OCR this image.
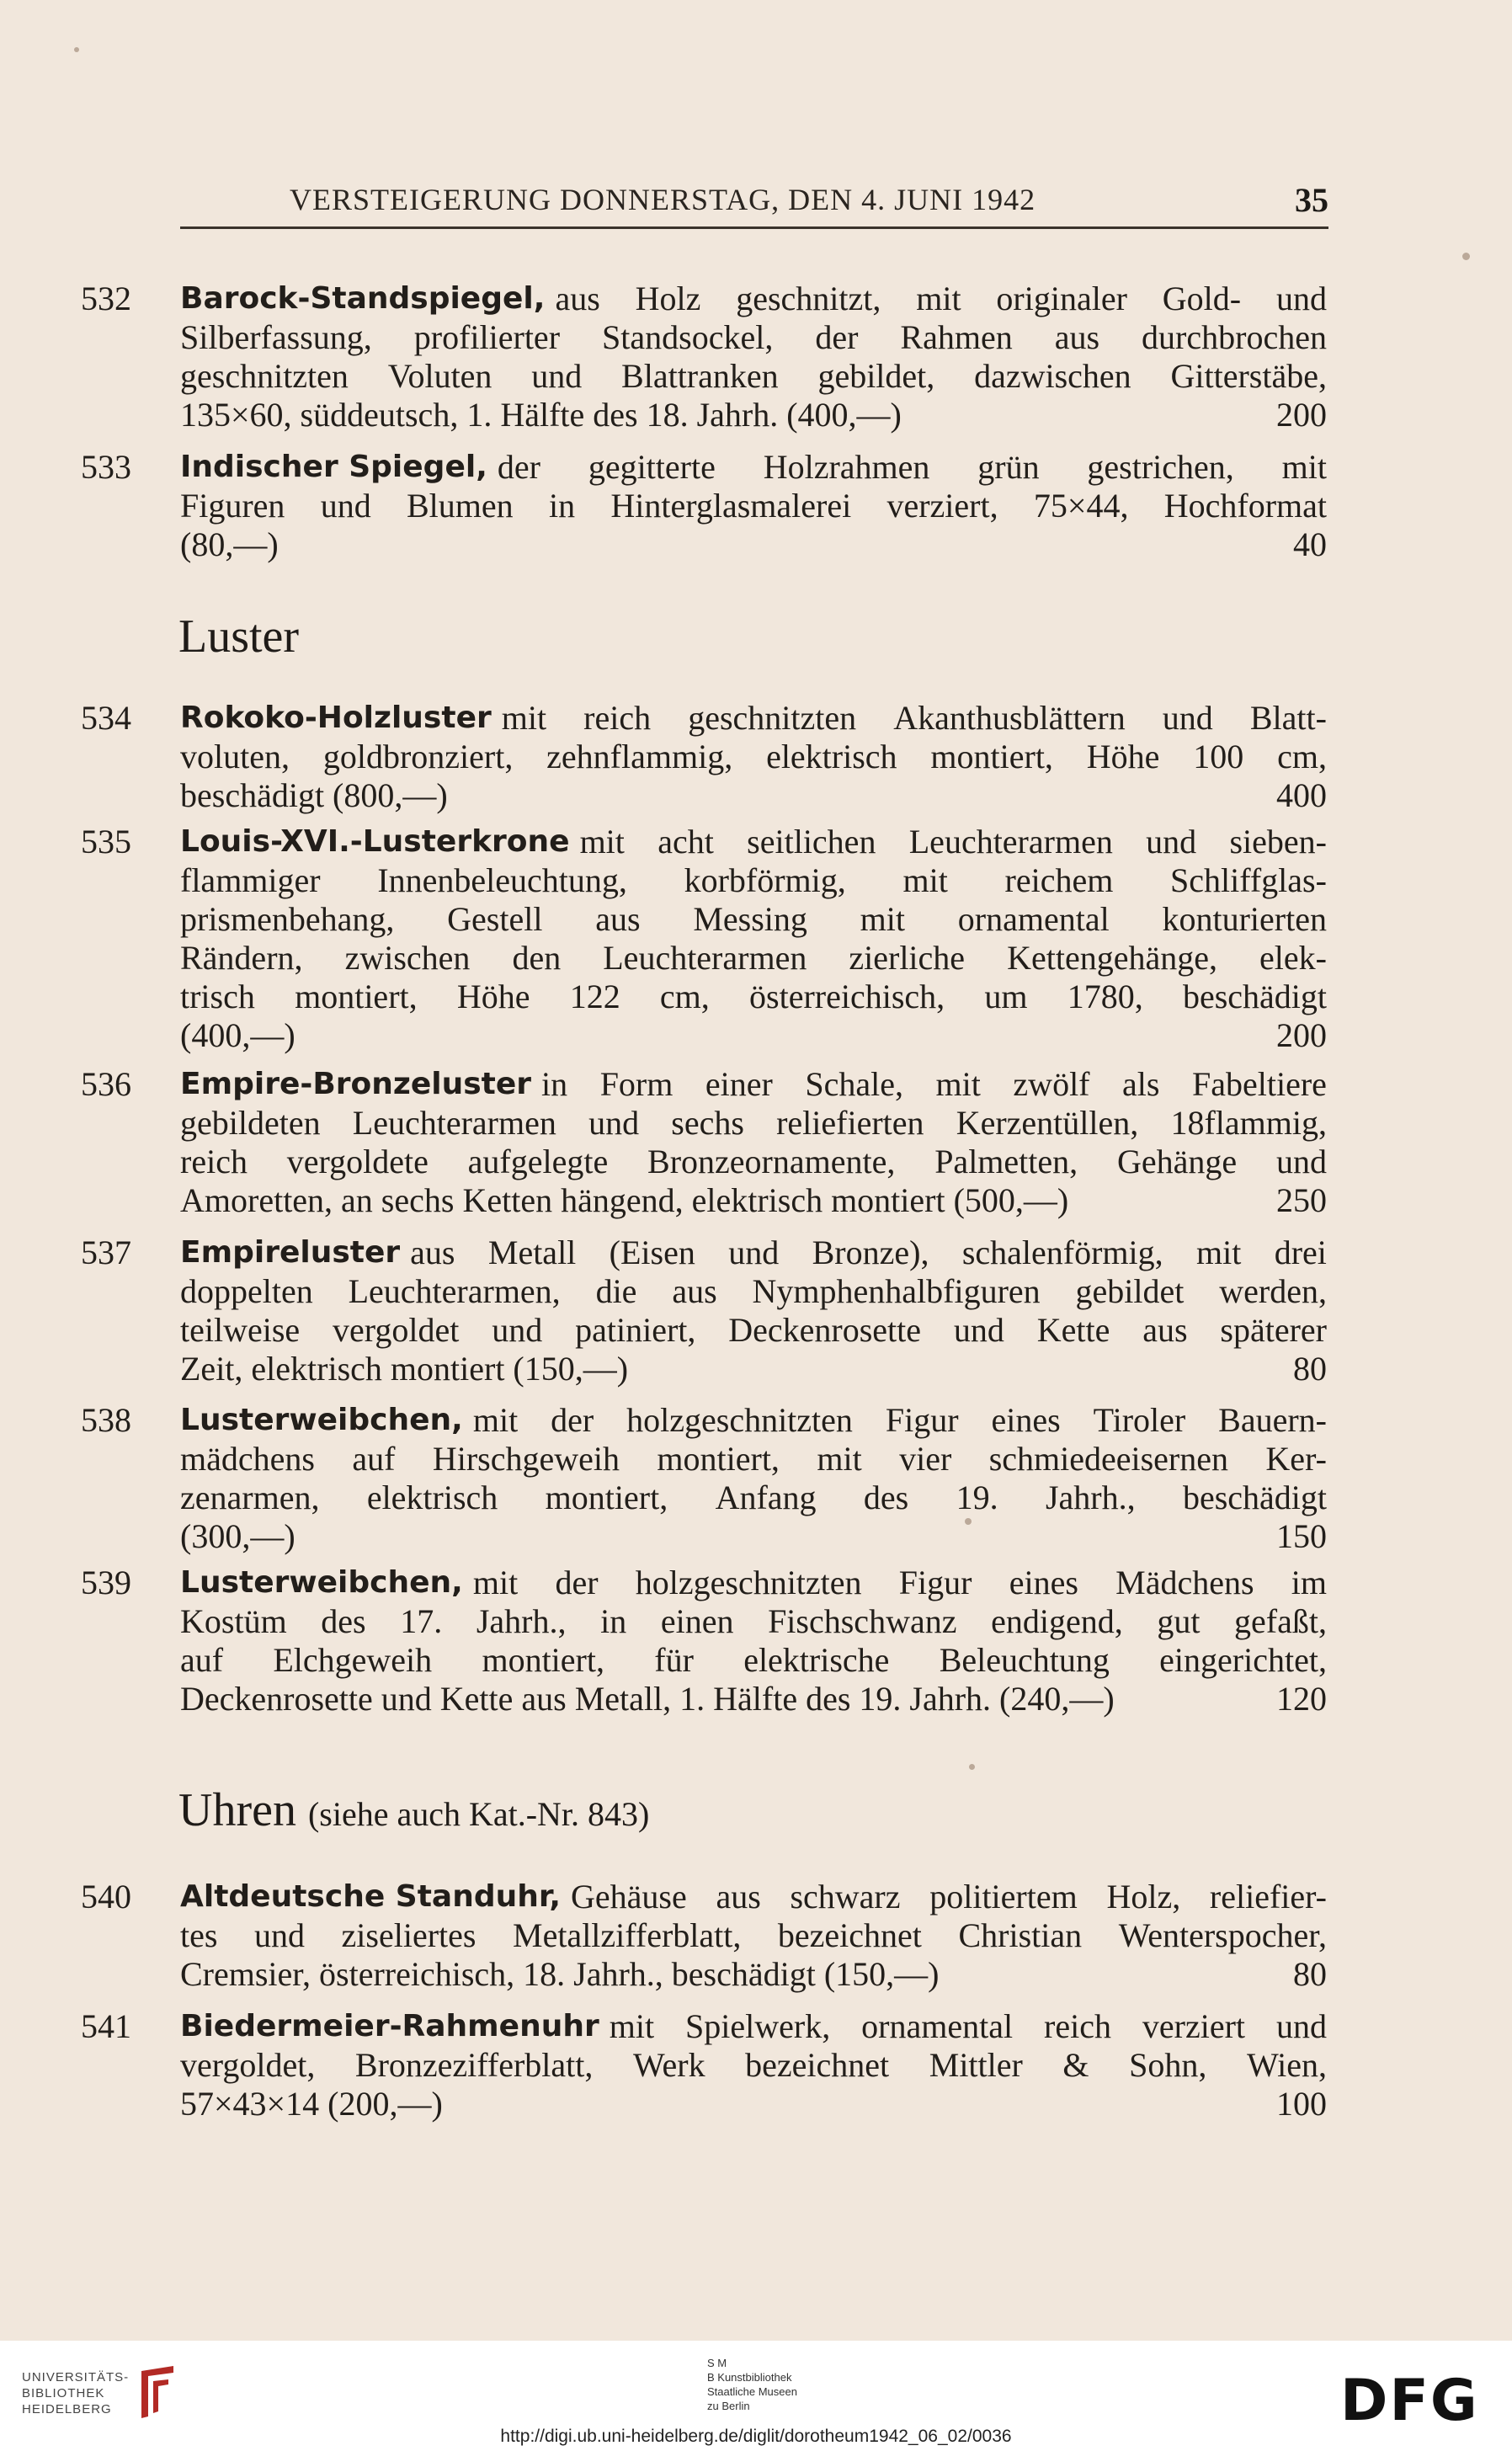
VERSTEIGERUNG DONNERSTAG, DEN 4. JUNI 1942	35
532	Barock-Standspiegel, aus Holz geschnitzt, mit originaler Gold- und
Silberfassung, profilierter Standsockel, der Rahmen aus durchbrochen
geschnitzten Voluten und Blattranken gebildet, dazwischen Gitterstäbe,
135×60, süddeutsch, 1. Hälfte des 18. Jahrh. (400,—)	200
533	Indischer Spiegel, der gegitterte Holzrahmen grün gestrichen, mit
Figuren und Blumen in Hinterglasmalerei verziert, 75×44, Hochformat
(80,—)	40
Luster
534	Rokoko-Holzluster mit reich geschnitzten Akanthusblättern und Blatt-
voluten, goldbronziert, zehnflammig, elektrisch montiert, Höhe 100 cm,
beschädigt (800,—)	400
535	Louis-XVI.-Lusterkrone mit acht seitlichen Leuchterarmen und sieben-
flammiger Innenbeleuchtung, korbförmig, mit reichem Schliffglas-
prismenbehang, Gestell aus Messing mit ornamental konturierten
Rändern, zwischen den Leuchterarmen zierliche Kettengehänge, elek-
trisch montiert, Höhe 122 cm, österreichisch, um 1780, beschädigt
(400,—)	200
536	Empire-Bronzeluster in Form einer Schale, mit zwölf als Fabeltiere
gebildeten Leuchterarmen und sechs reliefierten Kerzentüllen, 18flammig,
reich vergoldete aufgelegte Bronzeornamente, Palmetten, Gehänge und
Amoretten, an sechs Ketten hängend, elektrisch montiert (500,—)	250
537	Empireluster aus Metall (Eisen und Bronze), schalenförmig, mit drei
doppelten Leuchterarmen, die aus Nymphenhalbfiguren gebildet werden,
teilweise vergoldet und patiniert, Deckenrosette und Kette aus späterer
Zeit, elektrisch montiert (150,—)	80
538	Lusterweibchen, mit der holzgeschnitzten Figur eines Tiroler Bauern-
mädchens auf Hirschgeweih montiert, mit vier schmiedeeisernen Ker-
zenarmen, elektrisch montiert, Anfang des 19. Jahrh., beschädigt
(300,—)	150
539	Lusterweibchen, mit der holzgeschnitzten Figur eines Mädchens im
Kostüm des 17. Jahrh., in einen Fischschwanz endigend, gut gefaßt,
auf Elchgeweih montiert, für elektrische Beleuchtung eingerichtet,
Deckenrosette und Kette aus Metall, 1. Hälfte des 19. Jahrh. (240,—)	120
Uhren (siehe auch Kat.-Nr. 843)
540	Altdeutsche Standuhr, Gehäuse aus schwarz politiertem Holz, reliefier-
tes und ziseliertes Metallzifferblatt, bezeichnet Christian Wenterspocher,
Cremsier, österreichisch, 18. Jahrh., beschädigt (150,—)	80
541	Biedermeier-Rahmenuhr mit Spielwerk, ornamental reich verziert und
vergoldet, Bronzezifferblatt, Werk bezeichnet Mittler & Sohn, Wien,
57×43×14 (200,—)	100
UNIVERSITÄTS-
BIBLIOTHEK
HEIDELBERG
S M
B Kunstbibliothek
Staatliche Museen
zu Berlin	DFG
http://digi.ub.uni-heidelberg.de/diglit/dorotheum1942_06_02/0036
